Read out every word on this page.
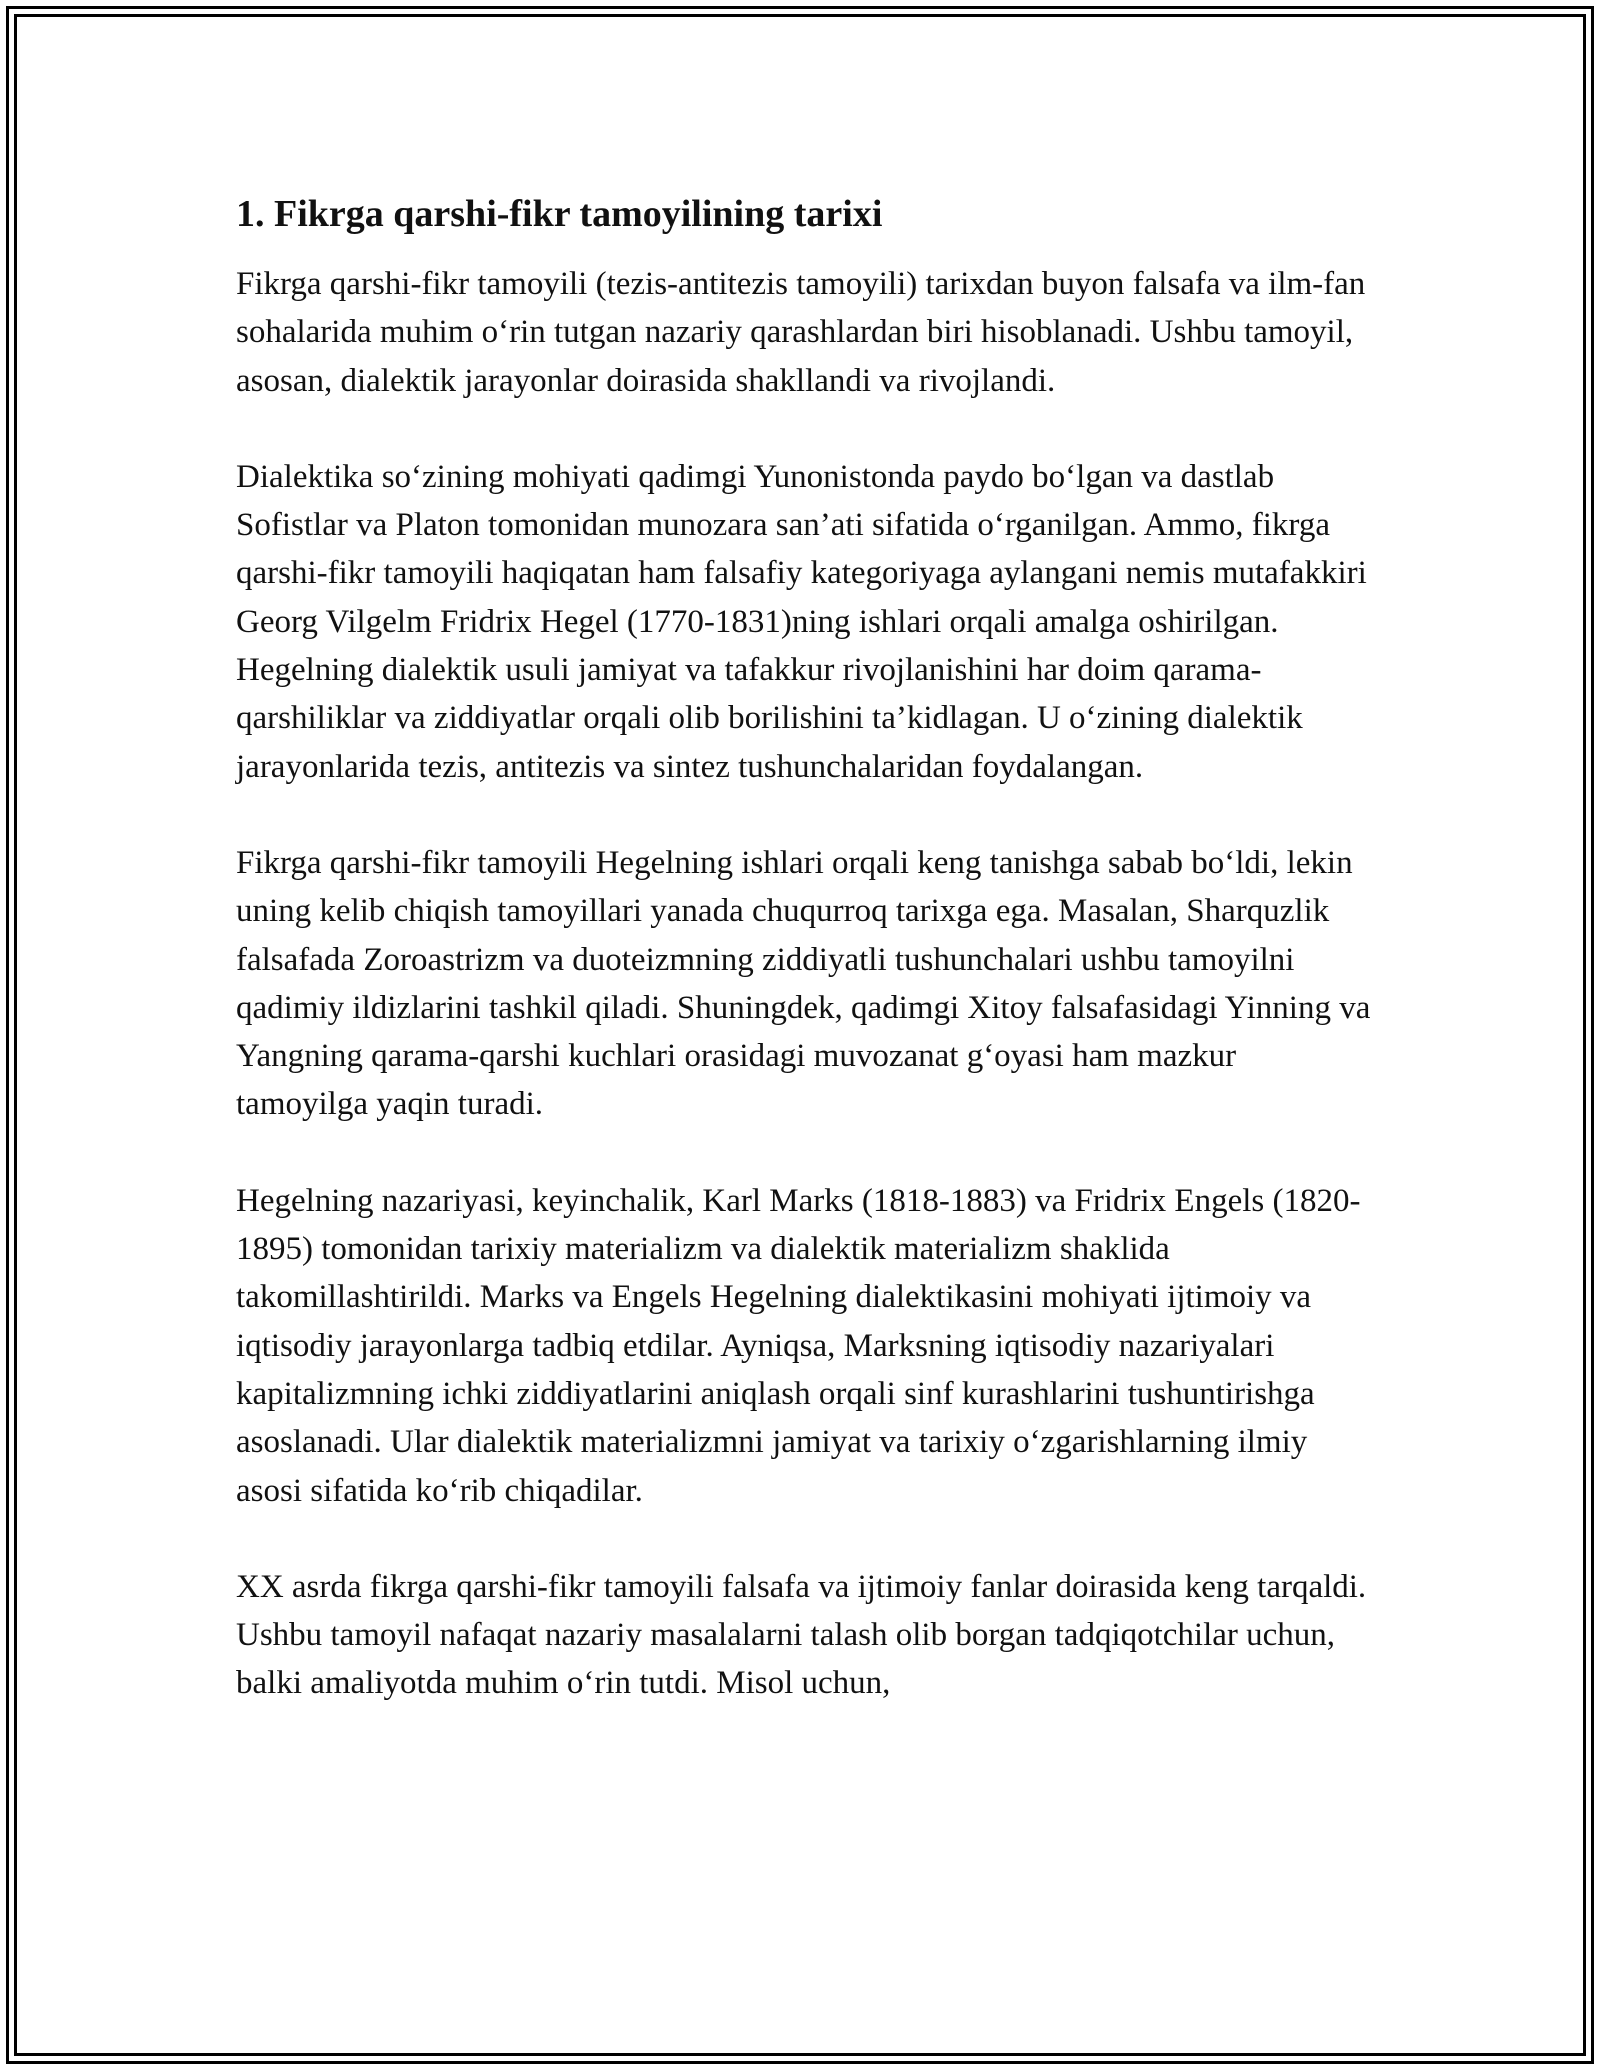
1. Fikrga qarshi-fikr tamoyilining tarixi

Fikrga qarshi-fikr tamoyili (tezis-antitezis tamoyili) tarixdan buyon falsafa va ilm-fan sohalarida muhim o‘rin tutgan nazariy qarashlardan biri hisoblanadi. Ushbu tamoyil, asosan, dialektik jarayonlar doirasida shakllandi va rivojlandi.

Dialektika so‘zining mohiyati qadimgi Yunonistonda paydo bo‘lgan va dastlab Sofistlar va Platon tomonidan munozara san’ati sifatida o‘rganilgan. Ammo, fikrga qarshi-fikr tamoyili haqiqatan ham falsafiy kategoriyaga aylangani nemis mutafakkiri Georg Vilgelm Fridrix Hegel (1770-1831)ning ishlari orqali amalga oshirilgan. Hegelning dialektik usuli jamiyat va tafakkur rivojlanishini har doim qarama-qarshiliklar va ziddiyatlar orqali olib borilishini ta’kidlagan. U o‘zining dialektik jarayonlarida tezis, antitezis va sintez tushunchalaridan foydalangan.

Fikrga qarshi-fikr tamoyili Hegelning ishlari orqali keng tanishga sabab bo‘ldi, lekin uning kelib chiqish tamoyillari yanada chuqurroq tarixga ega. Masalan, Sharquzlik falsafada Zoroastrizm va duoteizmning ziddiyatli tushunchalari ushbu tamoyilni qadimiy ildizlarini tashkil qiladi. Shuningdek, qadimgi Xitoy falsafasidagi Yinning va Yangning qarama-qarshi kuchlari orasidagi muvozanat g‘oyasi ham mazkur tamoyilga yaqin turadi.

Hegelning nazariyasi, keyinchalik, Karl Marks (1818-1883) va Fridrix Engels (1820-1895) tomonidan tarixiy materializm va dialektik materializm shaklida takomillashtirildi. Marks va Engels Hegelning dialektikasini mohiyati ijtimoiy va iqtisodiy jarayonlarga tadbiq etdilar. Ayniqsa, Marksning iqtisodiy nazariyalari kapitalizmning ichki ziddiyatlarini aniqlash orqali sinf kurashlarini tushuntirishga asoslanadi. Ular dialektik materializmni jamiyat va tarixiy o‘zgarishlarning ilmiy asosi sifatida ko‘rib chiqadilar.

XX asrda fikrga qarshi-fikr tamoyili falsafa va ijtimoiy fanlar doirasida keng tarqaldi. Ushbu tamoyil nafaqat nazariy masalalarni talash olib borgan tadqiqotchilar uchun, balki amaliyotda muhim o‘rin tutdi. Misol uchun,
